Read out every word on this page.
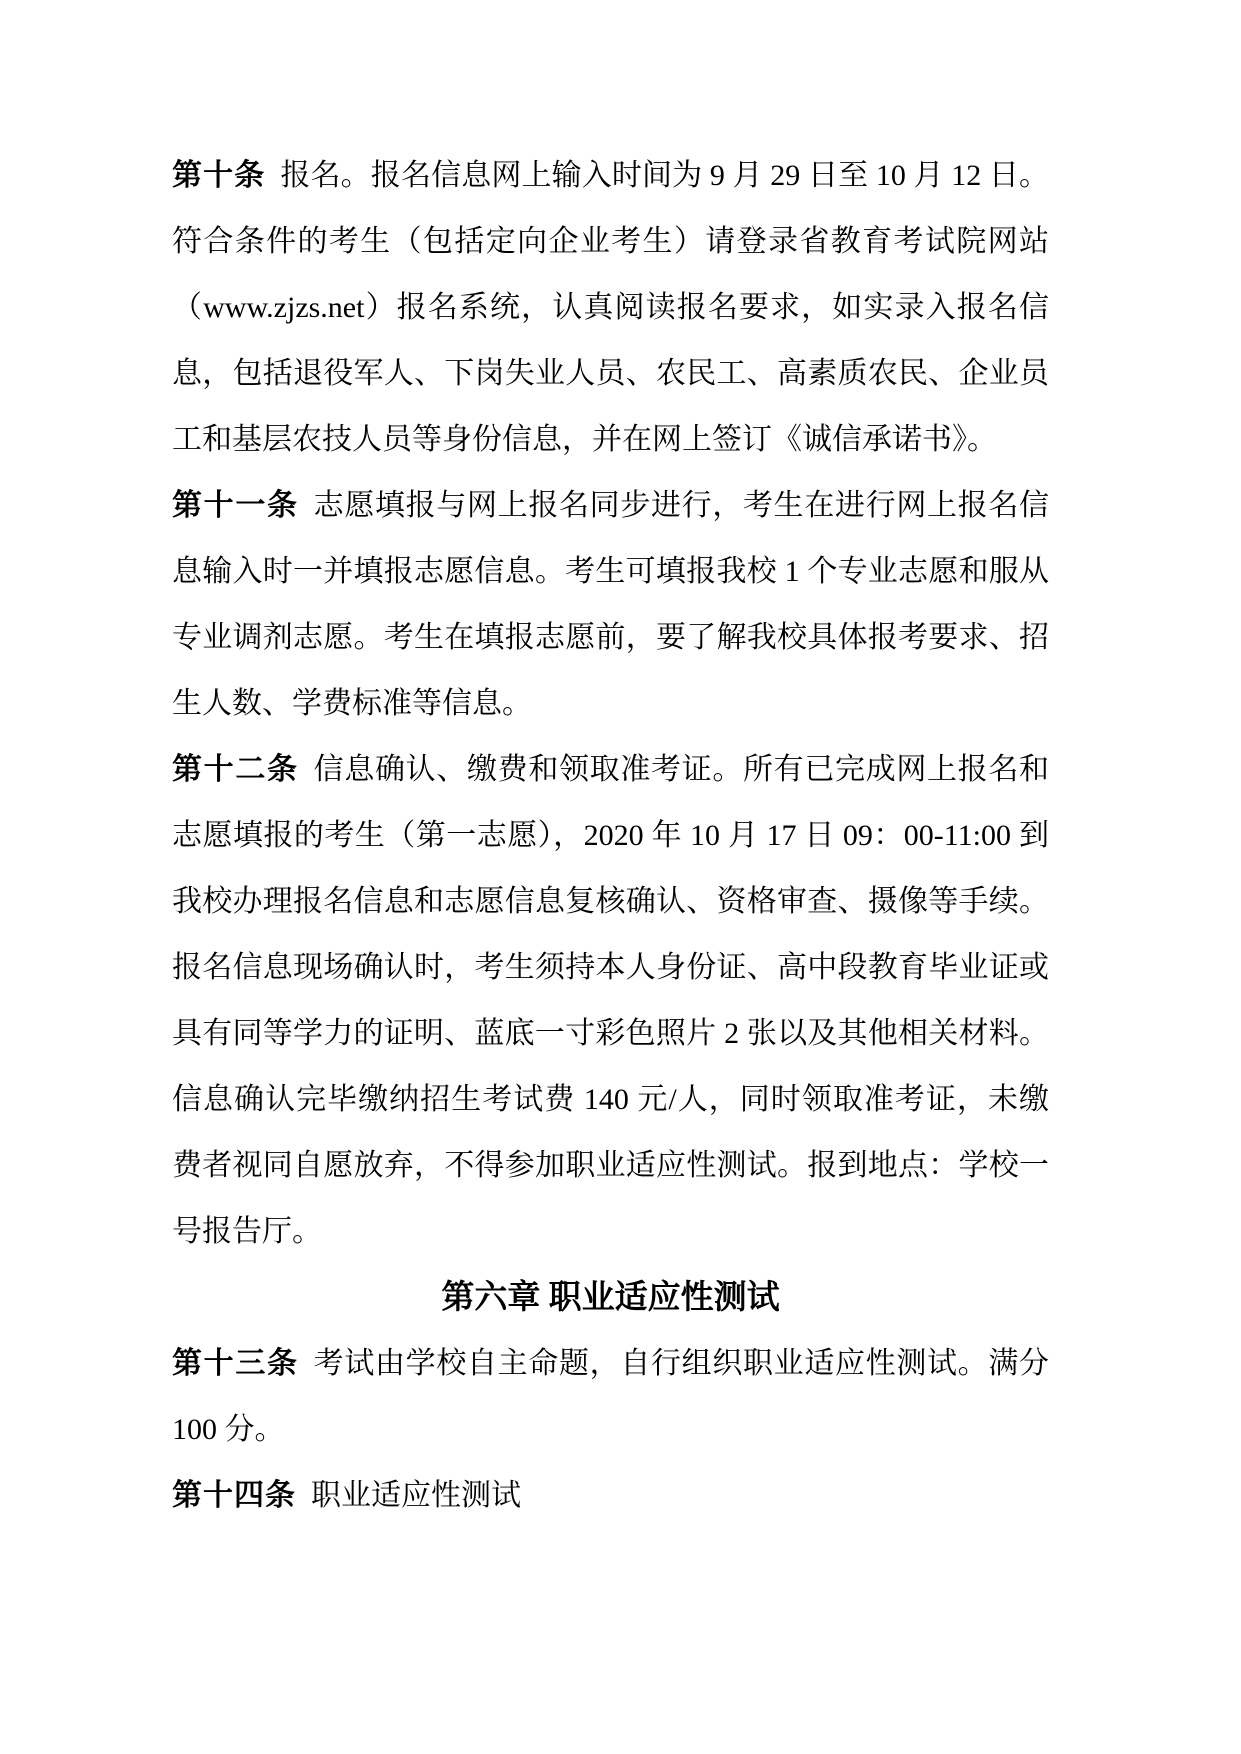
第十条 报名。报名信息网上输入时间为 9 月 29 日至 10 月 12 日。符合条件的考生（包括定向企业考生）请登录省教育考试院网站（www.zjzs.net）报名系统，认真阅读报名要求，如实录入报名信息，包括退役军人、下岗失业人员、农民工、高素质农民、企业员工和基层农技人员等身份信息，并在网上签订《诚信承诺书》。

第十一条 志愿填报与网上报名同步进行，考生在进行网上报名信息输入时一并填报志愿信息。考生可填报我校 1 个专业志愿和服从专业调剂志愿。考生在填报志愿前，要了解我校具体报考要求、招生人数、学费标准等信息。

第十二条 信息确认、缴费和领取准考证。所有已完成网上报名和志愿填报的考生（第一志愿），2020 年 10 月 17 日 09：00-11:00 到我校办理报名信息和志愿信息复核确认、资格审查、摄像等手续。报名信息现场确认时，考生须持本人身份证、高中段教育毕业证或具有同等学力的证明、蓝底一寸彩色照片 2 张以及其他相关材料。信息确认完毕缴纳招生考试费 140 元/人，同时领取准考证，未缴费者视同自愿放弃，不得参加职业适应性测试。报到地点：学校一号报告厅。

第六章 职业适应性测试

第十三条 考试由学校自主命题，自行组织职业适应性测试。满分 100 分。

第十四条 职业适应性测试
